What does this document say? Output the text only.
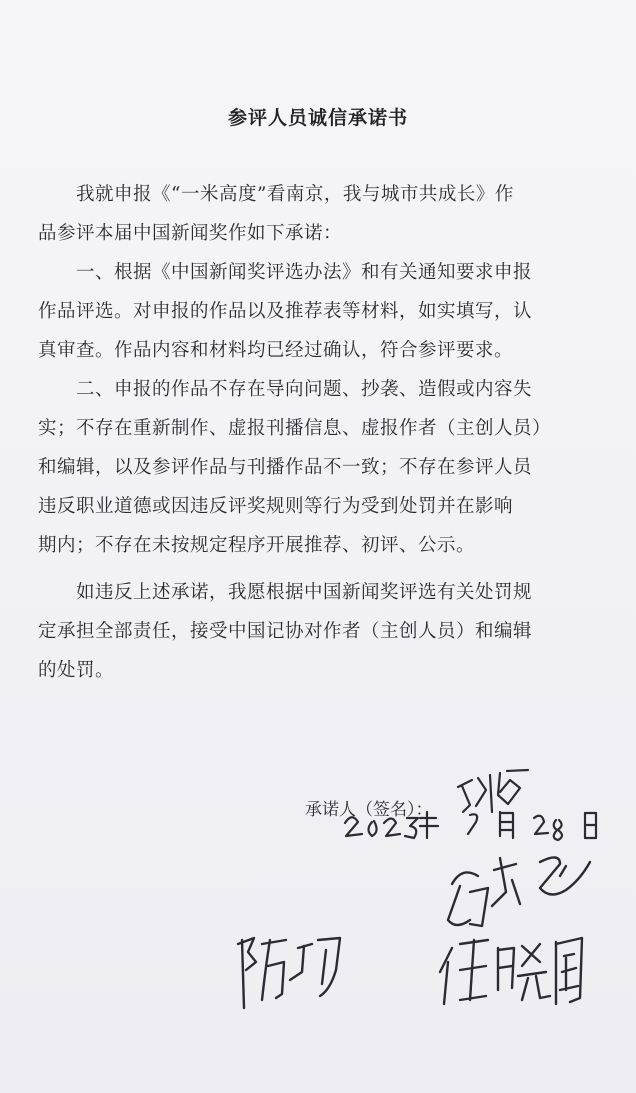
参评人员诚信承诺书
我就申报《“一米高度”看南京，我与城市共成长》作
品参评本届中国新闻奖作如下承诺：
一、根据《中国新闻奖评选办法》和有关通知要求申报
作品评选。对申报的作品以及推荐表等材料，如实填写，认
真审查。作品内容和材料均已经过确认，符合参评要求。
二、申报的作品不存在导向问题、抄袭、造假或内容失
实；不存在重新制作、虚报刊播信息、虚报作者（主创人员）
和编辑，以及参评作品与刊播作品不一致；不存在参评人员
违反职业道德或因违反评奖规则等行为受到处罚并在影响
期内；不存在未按规定程序开展推荐、初评、公示。
如违反上述承诺，我愿根据中国新闻奖评选有关处罚规
定承担全部责任，接受中国记协对作者（主创人员）和编辑
的处罚。
承诺人（签名）：
